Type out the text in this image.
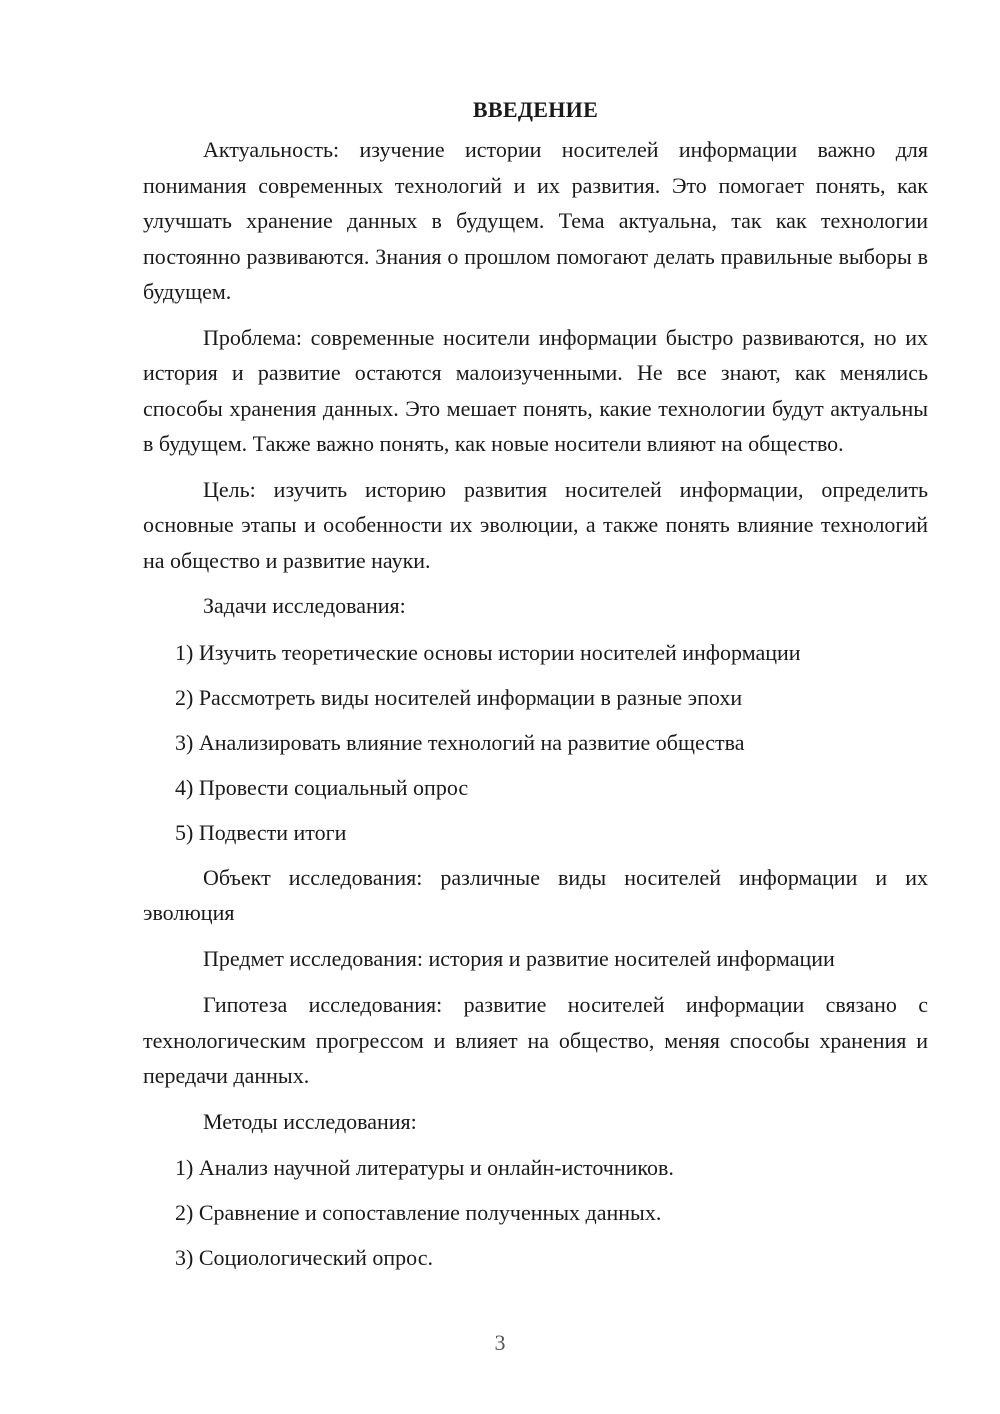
ВВЕДЕНИЕ

Актуальность: изучение истории носителей информации важно для понимания современных технологий и их развития. Это помогает понять, как улучшать хранение данных в будущем. Тема актуальна, так как технологии постоянно развиваются. Знания о прошлом помогают делать правильные выборы в будущем.

Проблема: современные носители информации быстро развиваются, но их история и развитие остаются малоизученными. Не все знают, как менялись способы хранения данных. Это мешает понять, какие технологии будут актуальны в будущем. Также важно понять, как новые носители влияют на общество.

Цель: изучить историю развития носителей информации, определить основные этапы и особенности их эволюции, а также понять влияние технологий на общество и развитие науки.

Задачи исследования:

1) Изучить теоретические основы истории носителей информации
2) Рассмотреть виды носителей информации в разные эпохи
3) Анализировать влияние технологий на развитие общества
4) Провести социальный опрос
5) Подвести итоги

Объект исследования: различные виды носителей информации и их эволюция

Предмет исследования: история и развитие носителей информации

Гипотеза исследования: развитие носителей информации связано с технологическим прогрессом и влияет на общество, меняя способы хранения и передачи данных.

Методы исследования:

1) Анализ научной литературы и онлайн-источников.
2) Сравнение и сопоставление полученных данных.
3) Социологический опрос.
3
